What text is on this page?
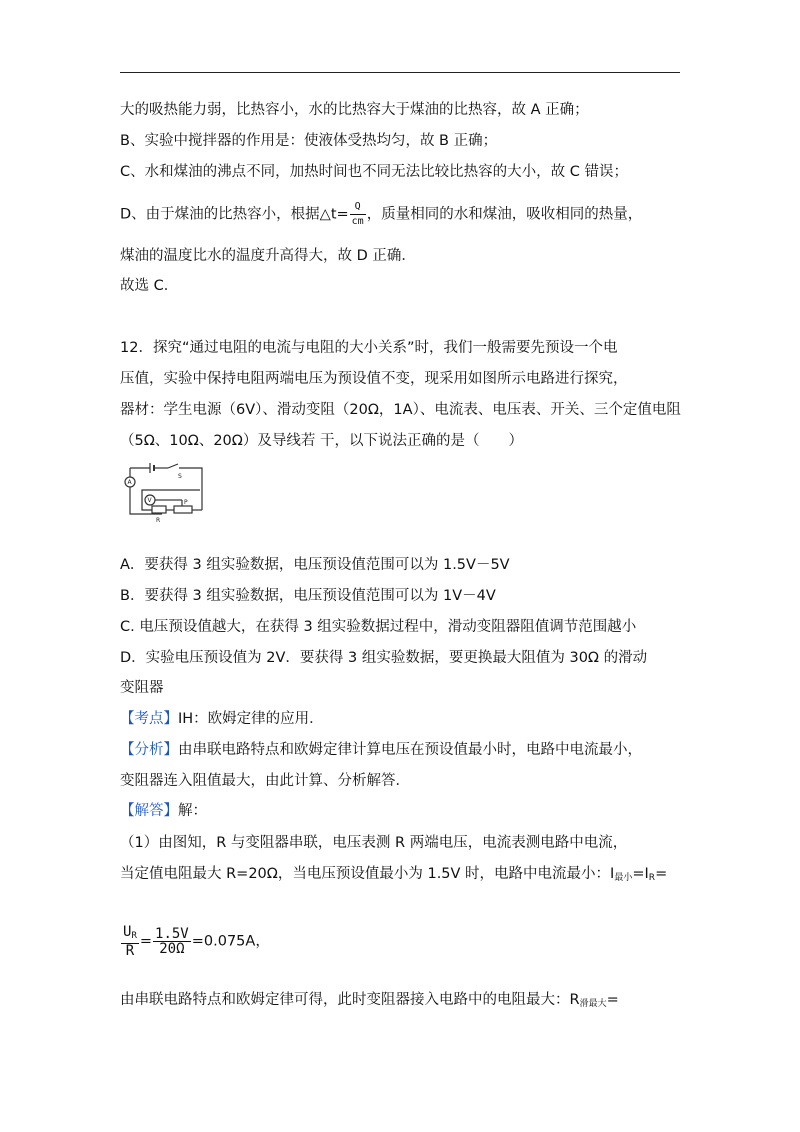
大的吸热能力弱，比热容小，水的比热容大于煤油的比热容，故 A 正确；
B、实验中搅拌器的作用是：使液体受热均匀，故 B 正确；
C、水和煤油的沸点不同，加热时间也不同无法比较比热容的大小，故 C 错误；
D、由于煤油的比热容小，根据△t= $\frac{Q}{cm}$ ，质量相同的水和煤油，吸收相同的热量，
煤油的温度比水的温度升高得大，故 D 正确．
故选 C．
12．探究“通过电阻的电流与电阻的大小关系”时，我们一般需要先预设一个电
压值，实验中保持电阻两端电压为预设值不变，现采用如图所示电路进行探究，
器材：学生电源（6V）、滑动变阻（20Ω，1A）、电流表、电压表、开关、三个定值电阻
（5Ω、10Ω、20Ω）及导线若 干，以下说法正确的是（　　）
S
A
V
R
P
A．要获得 3 组实验数据，电压预设值范围可以为 1.5V－5V
B．要获得 3 组实验数据，电压预设值范围可以为 1V－4V
C. 电压预设值越大，在获得 3 组实验数据过程中，滑动变阻器阻值调节范围越小
D．实验电压预设值为 2V．要获得 3 组实验数据，要更换最大阻值为 30Ω 的滑动
变阻器
【考点】IH：欧姆定律的应用．
【分析】由串联电路特点和欧姆定律计算电压在预设值最小时，电路中电流最小，
变阻器连入阻值最大，由此计算、分析解答．
【解答】解：
（1）由图知，R 与变阻器串联，电压表测 R 两端电压，电流表测电路中电流，
当定值电阻最大 R=20Ω，当电压预设值最小为 1.5V 时，电路中电流最小：$I_{最小}=I_R=$
$\frac{U_R}{R} = \frac{1.5V}{20\Omega} =0.075A$，
由串联电路特点和欧姆定律可得，此时变阻器接入电路中的电阻最大：$R_{滑最大}=$
